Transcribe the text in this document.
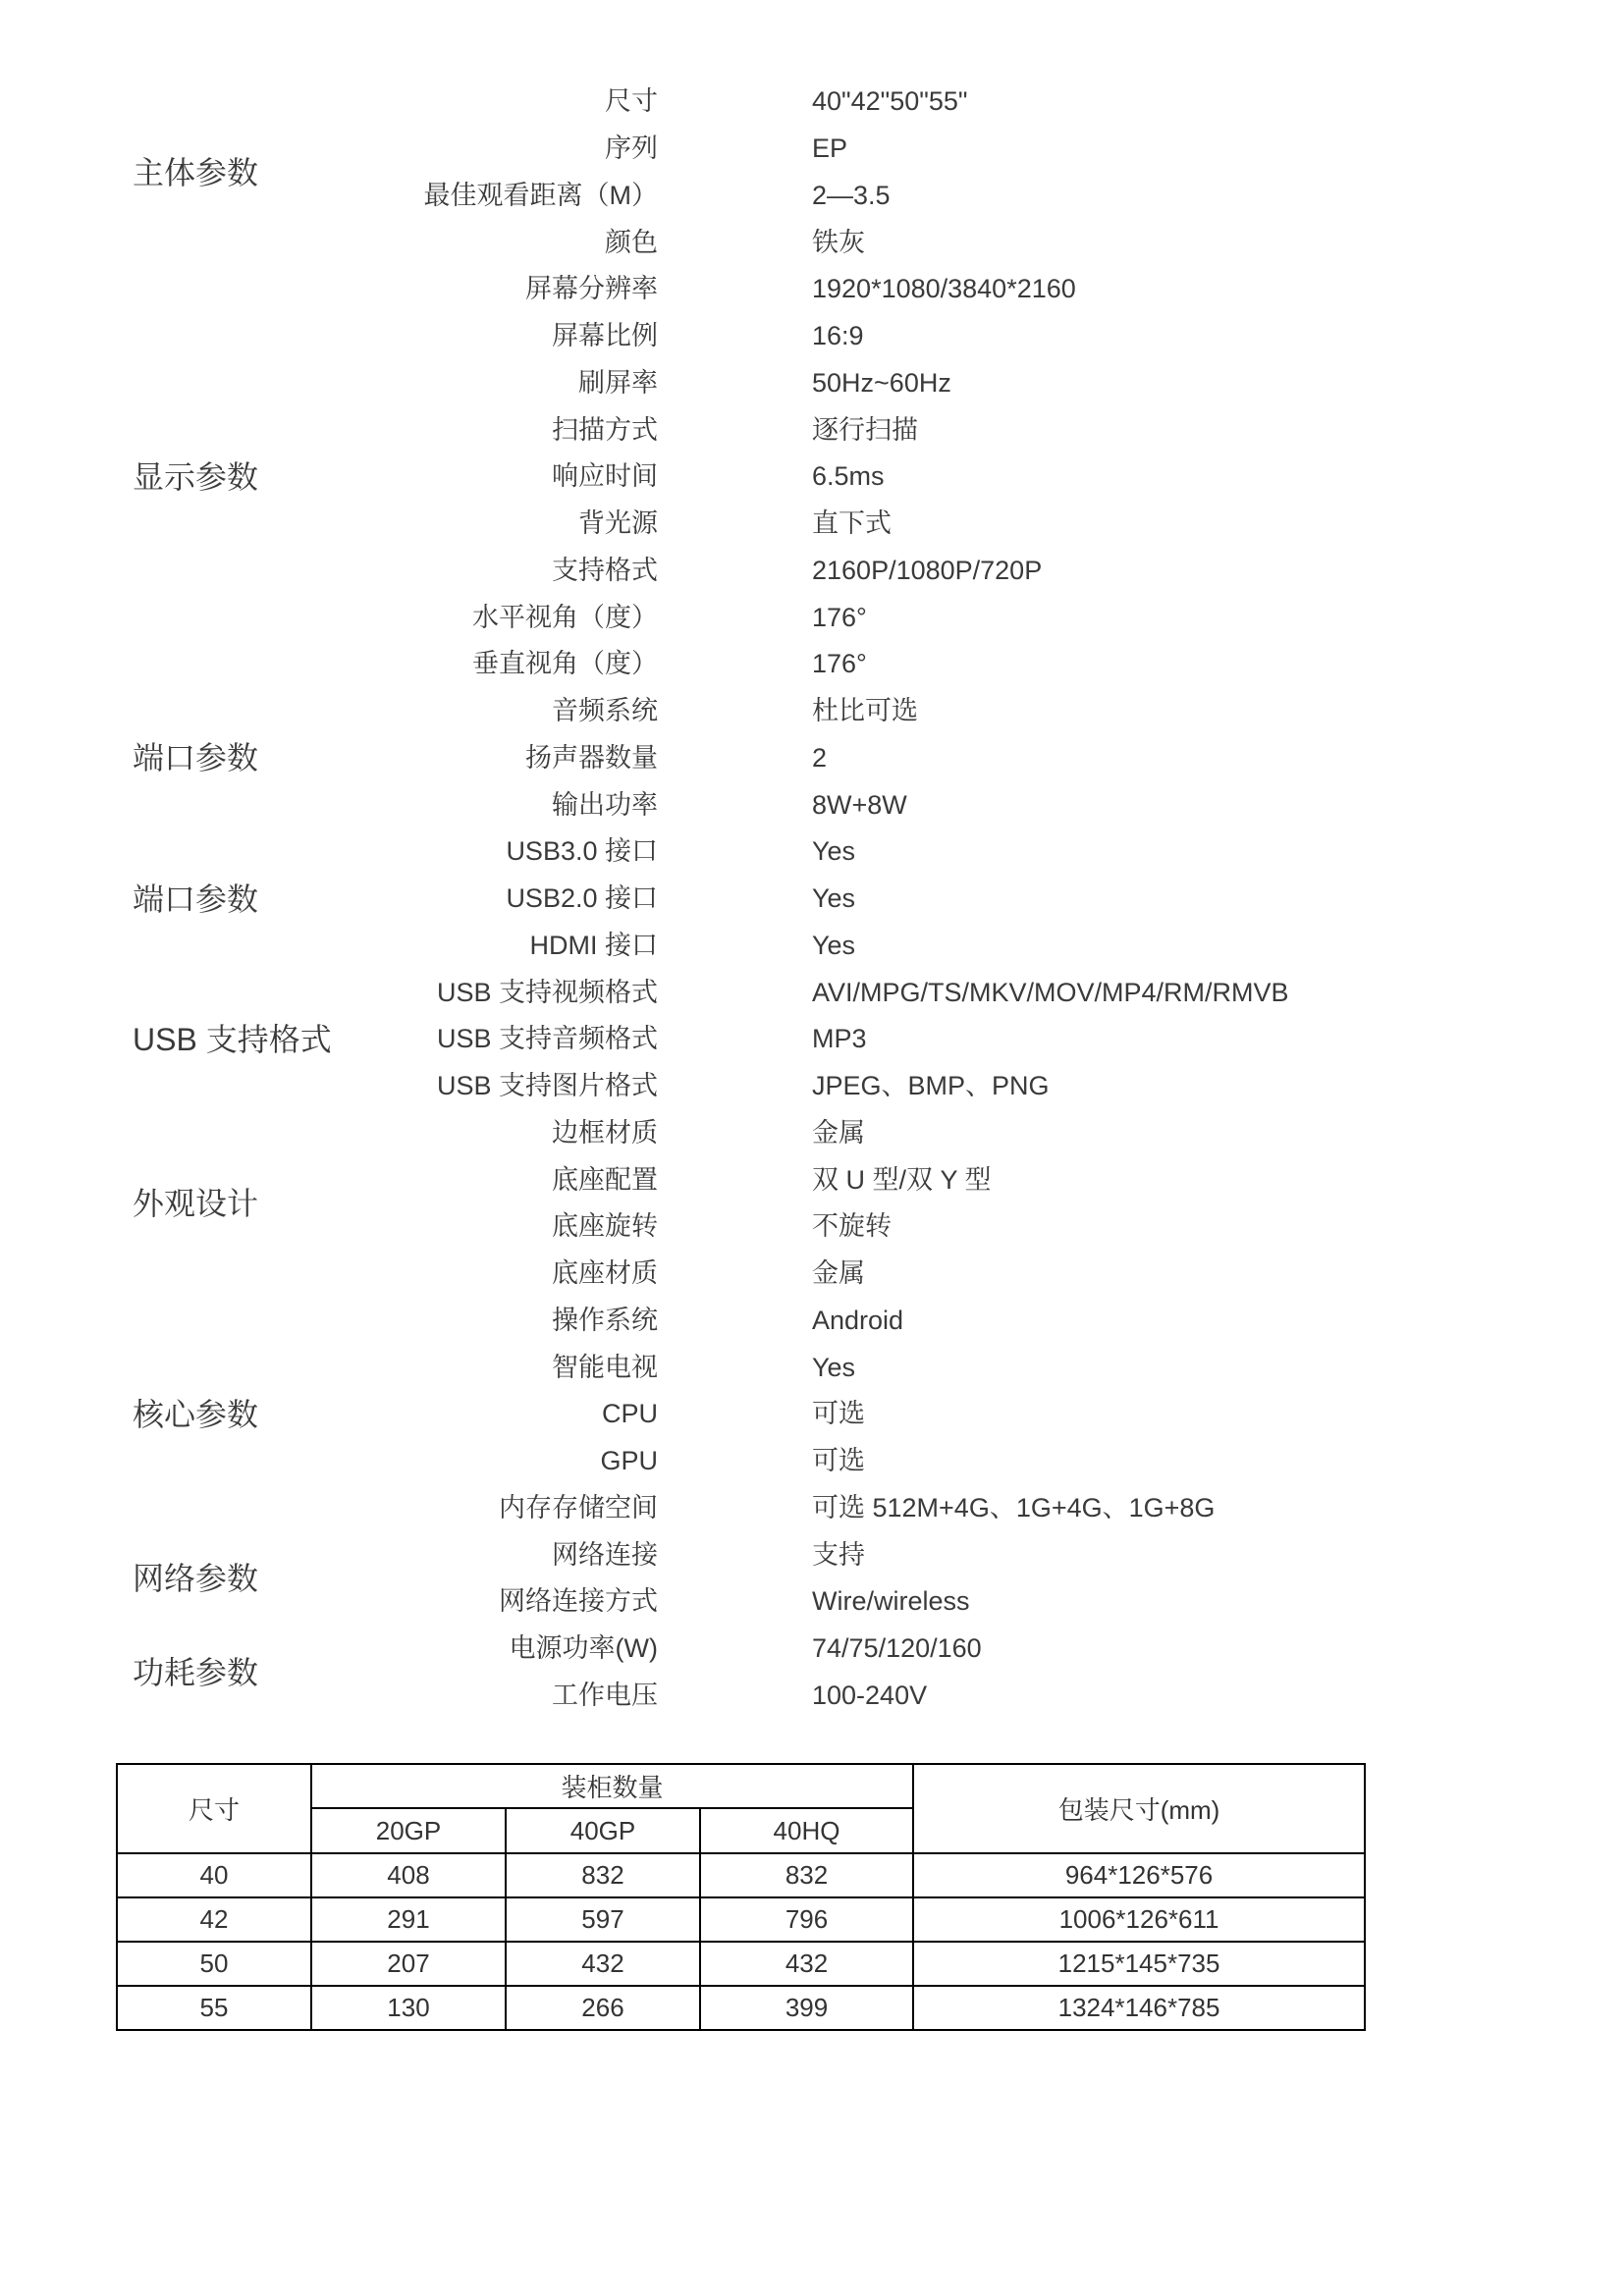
主体参数
尺寸	40"42"50"55"
序列	EP
最佳观看距离（M）	2—3.5
颜色	铁灰
显示参数
屏幕分辨率	1920*1080/3840*2160
屏幕比例	16:9
刷屏率	50Hz~60Hz
扫描方式	逐行扫描
响应时间	6.5ms
背光源	直下式
支持格式	2160P/1080P/720P
水平视角（度）	176°
垂直视角（度）	176°
端口参数
音频系统	杜比可选
扬声器数量	2
输出功率	8W+8W
端口参数
USB3.0 接口	Yes
USB2.0 接口	Yes
HDMI 接口	Yes
USB 支持格式
USB 支持视频格式	AVI/MPG/TS/MKV/MOV/MP4/RM/RMVB
USB 支持音频格式	MP3
USB 支持图片格式	JPEG、BMP、PNG
外观设计
边框材质	金属
底座配置	双 U 型/双 Y 型
底座旋转	不旋转
底座材质	金属
核心参数
操作系统	Android
智能电视	Yes
CPU	可选
GPU	可选
内存存储空间	可选 512M+4G、1G+4G、1G+8G
网络参数
网络连接	支持
网络连接方式	Wire/wireless
功耗参数
电源功率(W)	74/75/120/160
工作电压	100-240V
尺寸	装柜数量			包装尺寸(mm)
	20GP	40GP	40HQ	
40	408	832	832	964*126*576
42	291	597	796	1006*126*611
50	207	432	432	1215*145*735
55	130	266	399	1324*146*785
